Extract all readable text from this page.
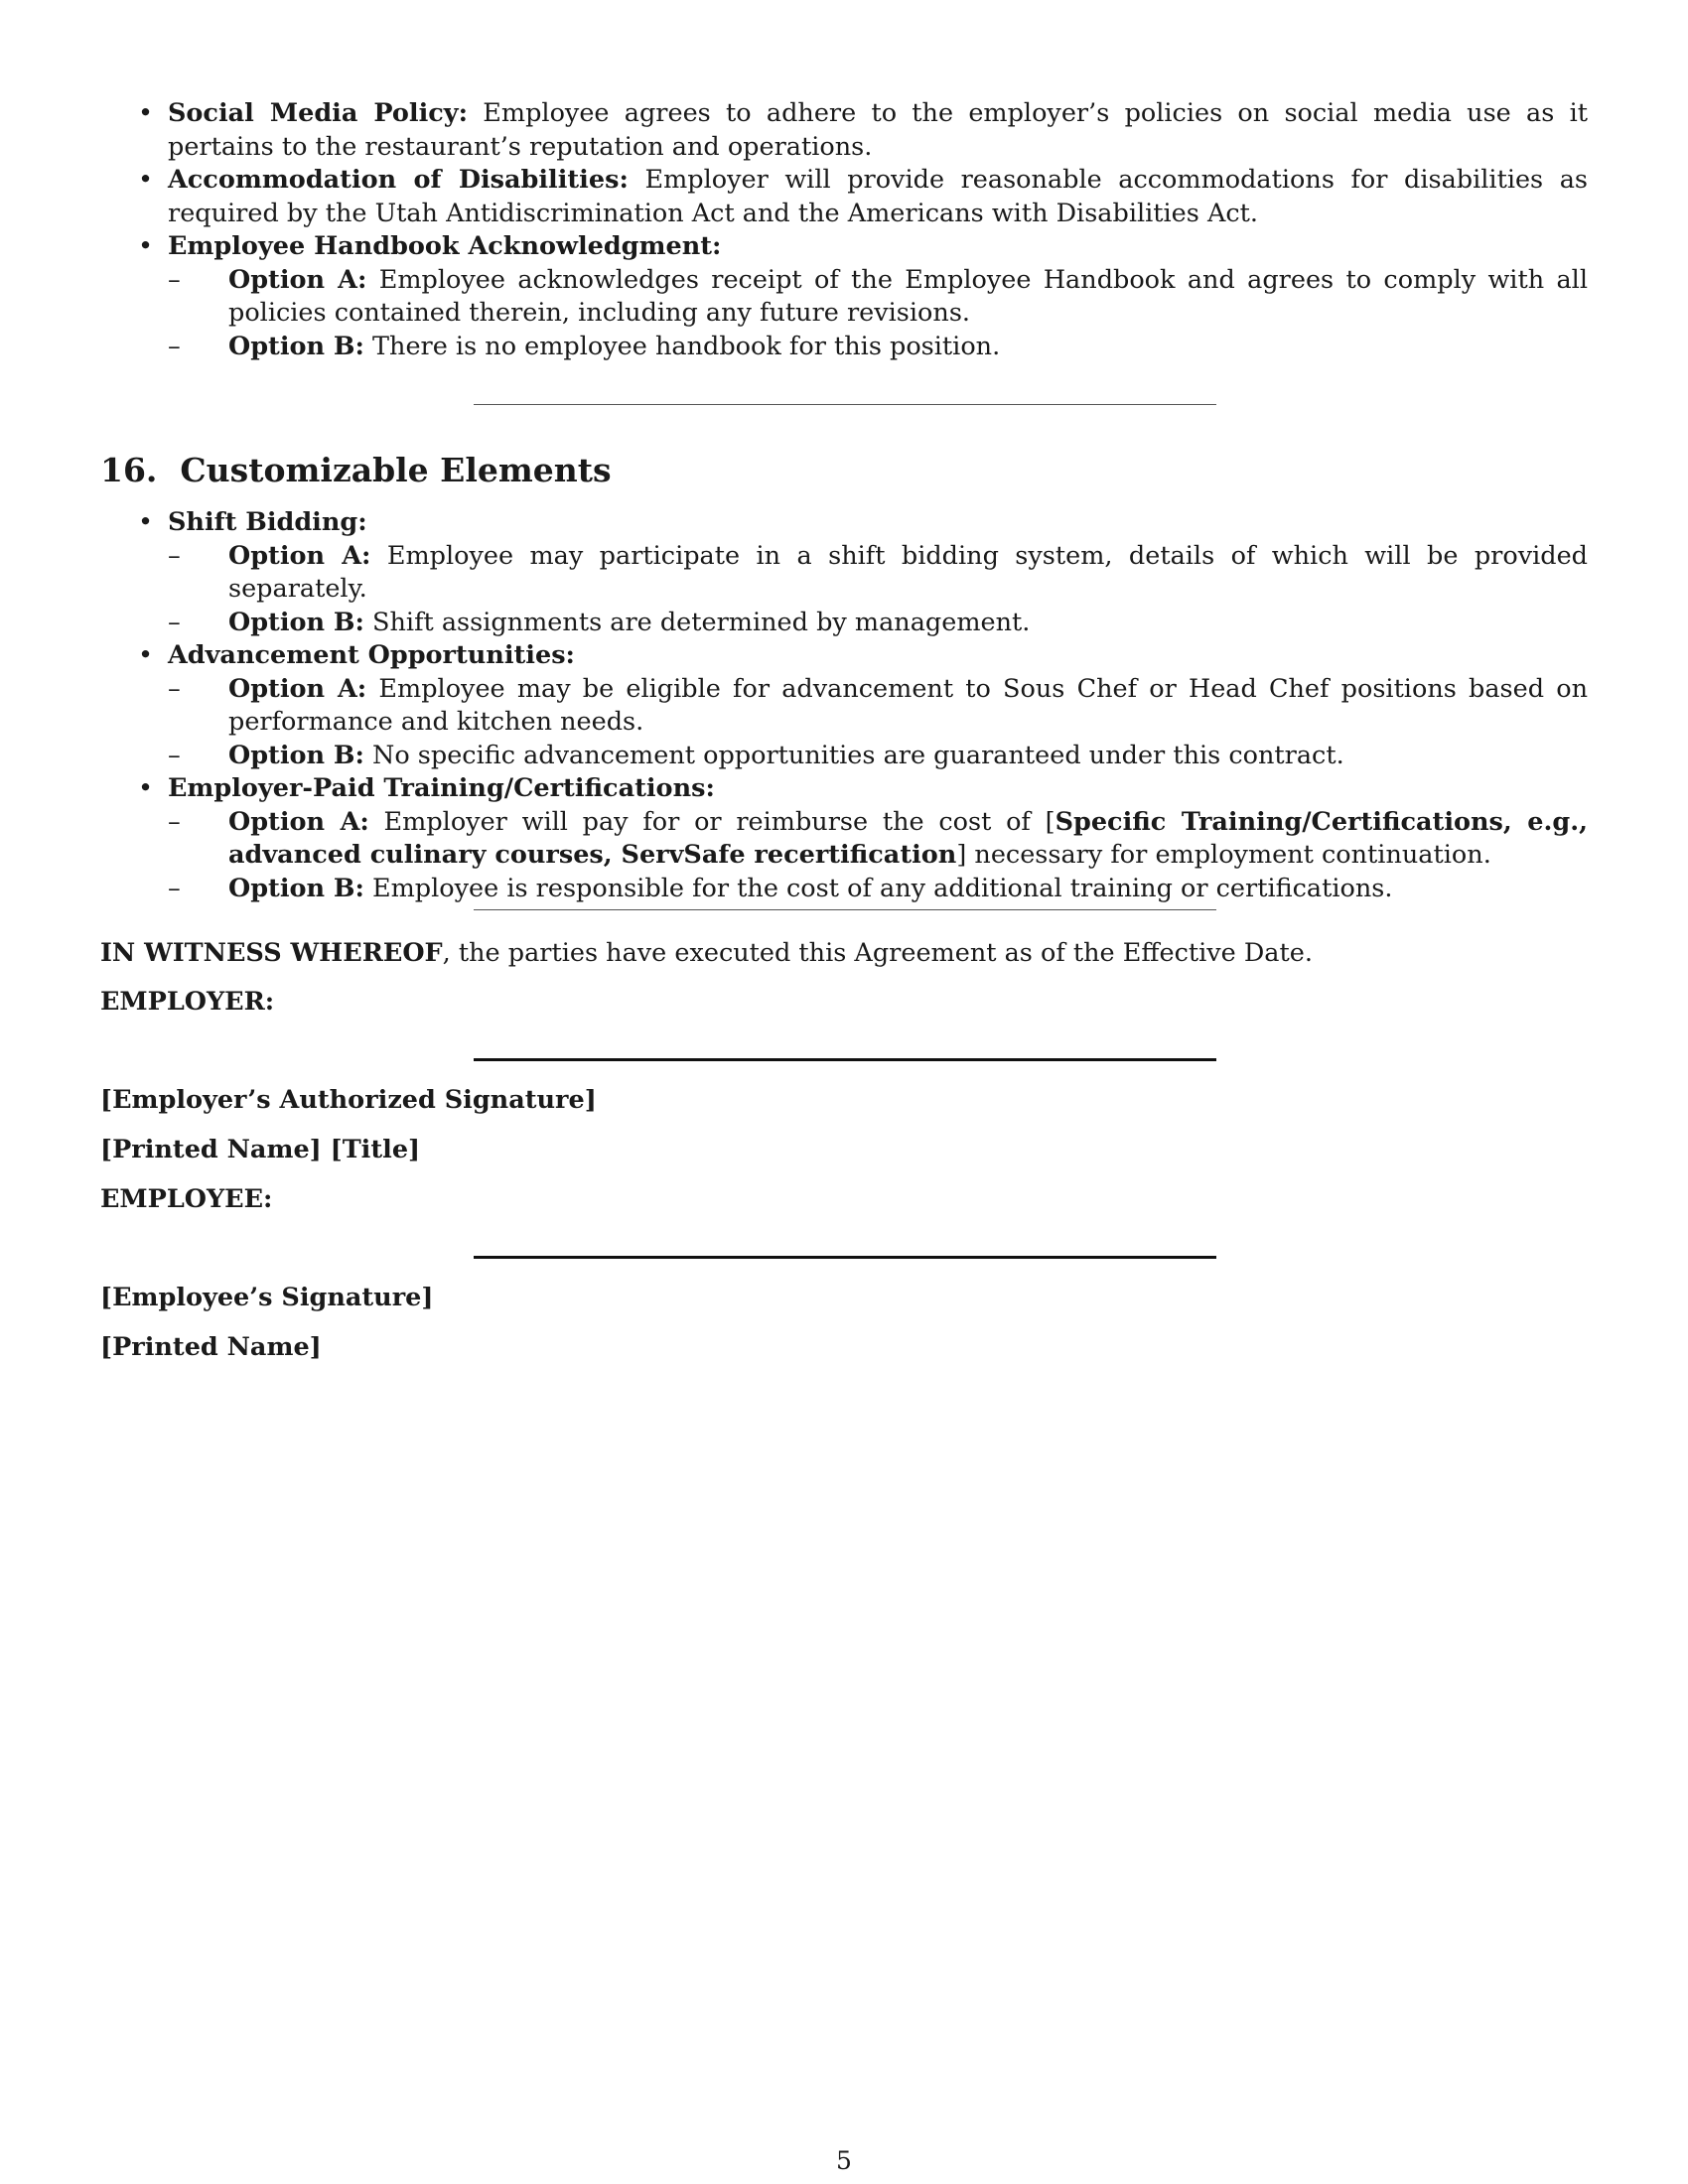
• Social Media Policy: Employee agrees to adhere to the employer’s policies on social media use as it pertains to the restaurant’s reputation and operations.
• Accommodation of Disabilities: Employer will provide reasonable accommodations for disabilities as required by the Utah Antidiscrimination Act and the Americans with Disabilities Act.
• Employee Handbook Acknowledgment:
– Option A: Employee acknowledges receipt of the Employee Handbook and agrees to comply with all policies contained therein, including any future revisions.
– Option B: There is no employee handbook for this position.
16. Customizable Elements
• Shift Bidding:
– Option A: Employee may participate in a shift bidding system, details of which will be provided separately.
– Option B: Shift assignments are determined by management.
• Advancement Opportunities:
– Option A: Employee may be eligible for advancement to Sous Chef or Head Chef positions based on performance and kitchen needs.
– Option B: No specific advancement opportunities are guaranteed under this contract.
• Employer-Paid Training/Certifications:
– Option A: Employer will pay for or reimburse the cost of [Specific Training/Certifications, e.g., advanced culinary courses, ServSafe recertification] necessary for employment continuation.
– Option B: Employee is responsible for the cost of any additional training or certifications.
IN WITNESS WHEREOF, the parties have executed this Agreement as of the Effective Date.
EMPLOYER:
[Employer’s Authorized Signature]
[Printed Name] [Title]
EMPLOYEE:
[Employee’s Signature]
[Printed Name]
5
